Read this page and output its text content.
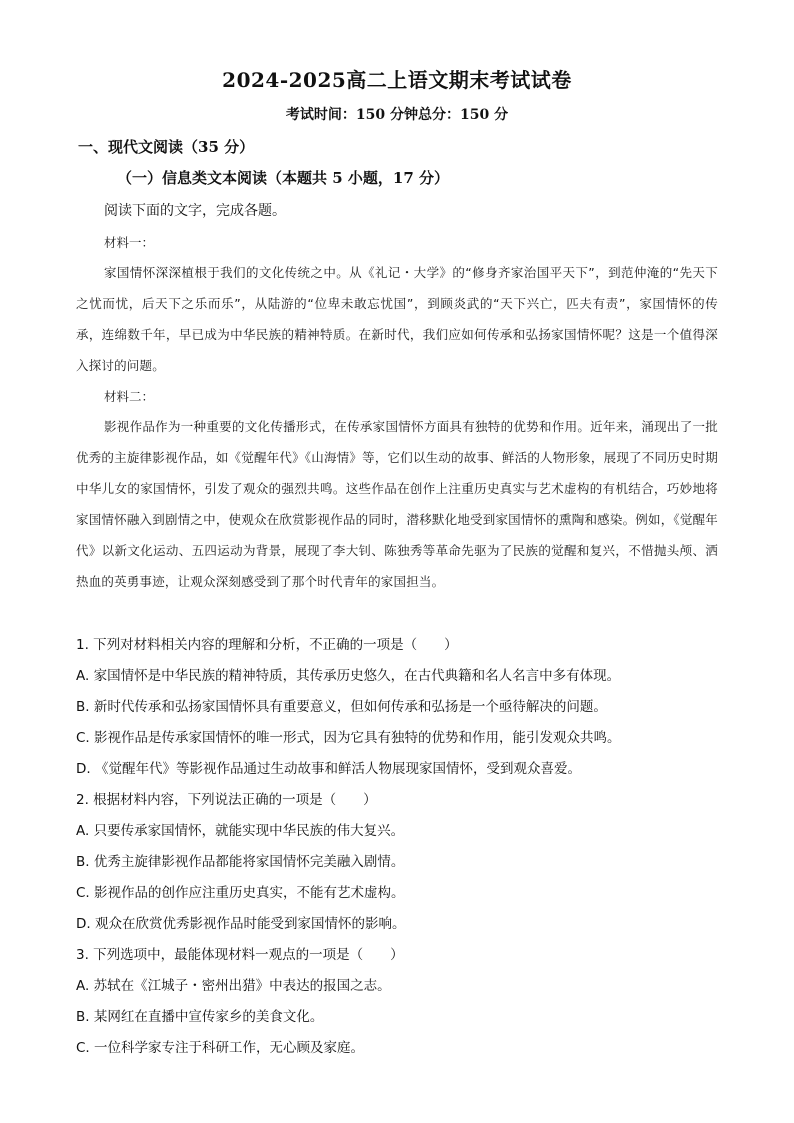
2024-2025高二上语文期末考试试卷
考试时间：150 分钟总分：150 分
一、现代文阅读（35 分）
（一）信息类文本阅读（本题共 5 小题，17 分）
阅读下面的文字，完成各题。
材料一：
家国情怀深深植根于我们的文化传统之中。从《礼记・大学》的“修身齐家治国平天下”，到范仲淹的“先天下之忧而忧，后天下之乐而乐”，从陆游的“位卑未敢忘忧国”，到顾炎武的“天下兴亡，匹夫有责”，家国情怀的传承，连绵数千年，早已成为中华民族的精神特质。在新时代，我们应如何传承和弘扬家国情怀呢？这是一个值得深入探讨的问题。
材料二：
影视作品作为一种重要的文化传播形式，在传承家国情怀方面具有独特的优势和作用。近年来，涌现出了一批优秀的主旋律影视作品，如《觉醒年代》《山海情》等，它们以生动的故事、鲜活的人物形象，展现了不同历史时期中华儿女的家国情怀，引发了观众的强烈共鸣。这些作品在创作上注重历史真实与艺术虚构的有机结合，巧妙地将家国情怀融入到剧情之中，使观众在欣赏影视作品的同时，潜移默化地受到家国情怀的熏陶和感染。例如，《觉醒年代》以新文化运动、五四运动为背景，展现了李大钊、陈独秀等革命先驱为了民族的觉醒和复兴，不惜抛头颅、洒热血的英勇事迹，让观众深刻感受到了那个时代青年的家国担当。
1. 下列对材料相关内容的理解和分析，不正确的一项是（　　）
A. 家国情怀是中华民族的精神特质，其传承历史悠久，在古代典籍和名人名言中多有体现。
B. 新时代传承和弘扬家国情怀具有重要意义，但如何传承和弘扬是一个亟待解决的问题。
C. 影视作品是传承家国情怀的唯一形式，因为它具有独特的优势和作用，能引发观众共鸣。
D. 《觉醒年代》等影视作品通过生动故事和鲜活人物展现家国情怀，受到观众喜爱。
2. 根据材料内容，下列说法正确的一项是（　　）
A. 只要传承家国情怀，就能实现中华民族的伟大复兴。
B. 优秀主旋律影视作品都能将家国情怀完美融入剧情。
C. 影视作品的创作应注重历史真实，不能有艺术虚构。
D. 观众在欣赏优秀影视作品时能受到家国情怀的影响。
3. 下列选项中，最能体现材料一观点的一项是（　　）
A. 苏轼在《江城子・密州出猎》中表达的报国之志。
B. 某网红在直播中宣传家乡的美食文化。
C. 一位科学家专注于科研工作，无心顾及家庭。
